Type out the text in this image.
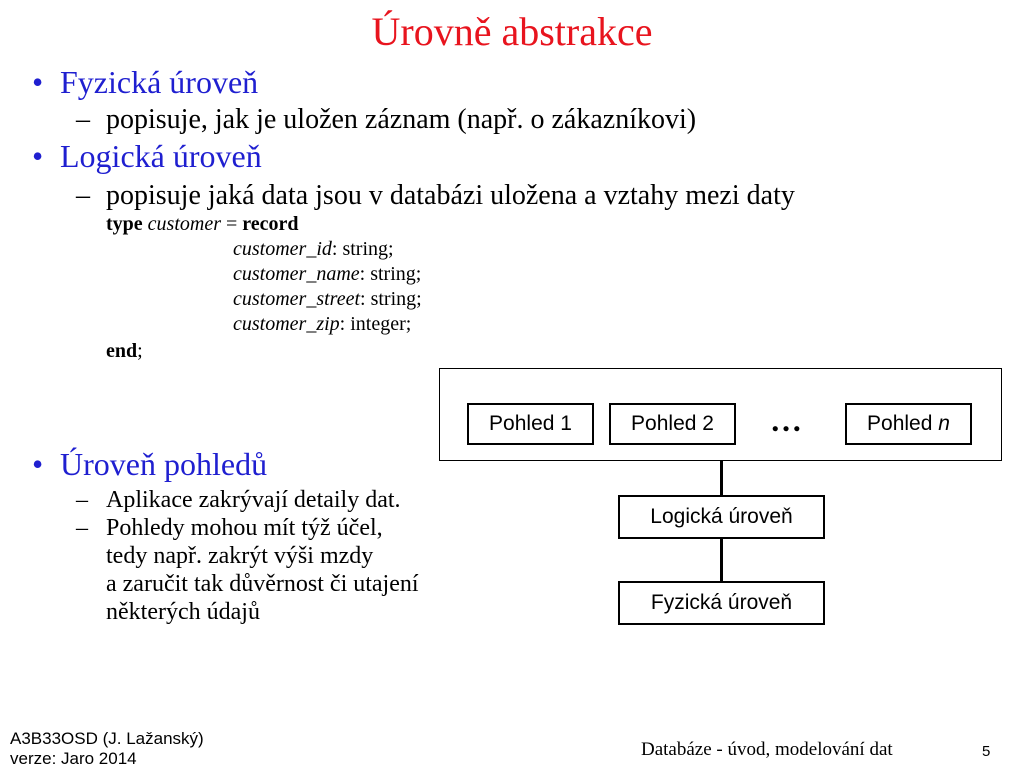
Úrovně abstrakce
• Fyzická úroveň
– popisuje, jak je uložen záznam (např. o zákazníkovi)
• Logická úroveň
– popisuje jaká data jsou v databázi uložena a vztahy mezi daty
type customer = record
customer_id: string;
customer_name: string;
customer_street: string;
customer_zip: integer;
end;
• Úroveň pohledů
– Aplikace zakrývají detaily dat.
– Pohledy mohou mít týž účel,
tedy např. zakrýt výši mzdy
a zaručit tak důvěrnost či utajení
některých údajů
Pohled 1	Pohled 2	…	Pohled n
Logická úroveň
Fyzická úroveň
A3B33OSD (J. Lažanský)
verze: Jaro 2014	Databáze - úvod, modelování dat	5
